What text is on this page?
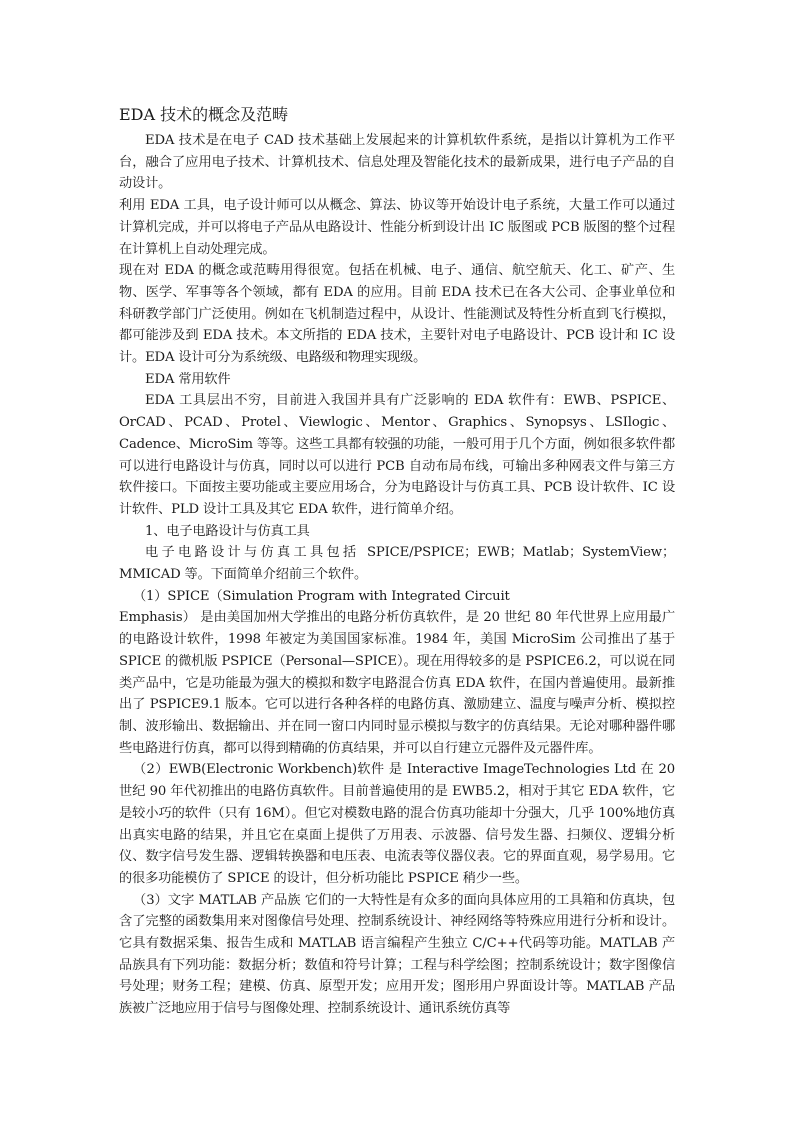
EDA 技术的概念及范畴

EDA 技术是在电子 CAD 技术基础上发展起来的计算机软件系统，是指以计算机为工作平台，融合了应用电子技术、计算机技术、信息处理及智能化技术的最新成果，进行电子产品的自动设计。

利用 EDA 工具，电子设计师可以从概念、算法、协议等开始设计电子系统，大量工作可以通过计算机完成，并可以将电子产品从电路设计、性能分析到设计出 IC 版图或 PCB 版图的整个过程在计算机上自动处理完成。

现在对 EDA 的概念或范畴用得很宽。包括在机械、电子、通信、航空航天、化工、矿产、生物、医学、军事等各个领域，都有 EDA 的应用。目前 EDA 技术已在各大公司、企事业单位和科研教学部门广泛使用。例如在飞机制造过程中，从设计、性能测试及特性分析直到飞行模拟，都可能涉及到 EDA 技术。本文所指的 EDA 技术，主要针对电子电路设计、PCB 设计和 IC 设计。EDA 设计可分为系统级、电路级和物理实现级。

EDA 常用软件

EDA 工具层出不穷，目前进入我国并具有广泛影响的 EDA 软件有：EWB、PSPICE、OrCAD、PCAD、Protel、Viewlogic、Mentor、Graphics、Synopsys、LSIlogic、Cadence、MicroSim 等等。这些工具都有较强的功能，一般可用于几个方面，例如很多软件都可以进行电路设计与仿真，同时以可以进行 PCB 自动布局布线，可输出多种网表文件与第三方软件接口。下面按主要功能或主要应用场合，分为电路设计与仿真工具、PCB 设计软件、IC 设计软件、PLD 设计工具及其它 EDA 软件，进行简单介绍。

1、电子电路设计与仿真工具

电子电路设计与仿真工具包括 SPICE/PSPICE；EWB；Matlab；SystemView；MMICAD 等。下面简单介绍前三个软件。

（1）SPICE（Simulation Program with Integrated Circuit

Emphasis） 是由美国加州大学推出的电路分析仿真软件，是 20 世纪 80 年代世界上应用最广的电路设计软件，1998 年被定为美国国家标准。1984 年，美国 MicroSim 公司推出了基于 SPICE 的微机版 PSPICE（Personal—SPICE）。现在用得较多的是 PSPICE6.2，可以说在同类产品中，它是功能最为强大的模拟和数字电路混合仿真 EDA 软件，在国内普遍使用。最新推出了 PSPICE9.1 版本。它可以进行各种各样的电路仿真、激励建立、温度与噪声分析、模拟控制、波形输出、数据输出、并在同一窗口内同时显示模拟与数字的仿真结果。无论对哪种器件哪些电路进行仿真，都可以得到精确的仿真结果，并可以自行建立元器件及元器件库。

（2）EWB(Electronic Workbench)软件 是 Interactive ImageTechnologies Ltd 在 20 世纪 90 年代初推出的电路仿真软件。目前普遍使用的是 EWB5.2，相对于其它 EDA 软件，它是较小巧的软件（只有 16M）。但它对模数电路的混合仿真功能却十分强大，几乎 100%地仿真出真实电路的结果，并且它在桌面上提供了万用表、示波器、信号发生器、扫频仪、逻辑分析仪、数字信号发生器、逻辑转换器和电压表、电流表等仪器仪表。它的界面直观，易学易用。它的很多功能模仿了 SPICE 的设计，但分析功能比 PSPICE 稍少一些。

（3）文字 MATLAB 产品族 它们的一大特性是有众多的面向具体应用的工具箱和仿真块，包含了完整的函数集用来对图像信号处理、控制系统设计、神经网络等特殊应用进行分析和设计。它具有数据采集、报告生成和 MATLAB 语言编程产生独立 C/C++代码等功能。MATLAB 产品族具有下列功能：数据分析；数值和符号计算；工程与科学绘图；控制系统设计；数字图像信号处理；财务工程；建模、仿真、原型开发；应用开发；图形用户界面设计等。MATLAB 产品族被广泛地应用于信号与图像处理、控制系统设计、通讯系统仿真等
